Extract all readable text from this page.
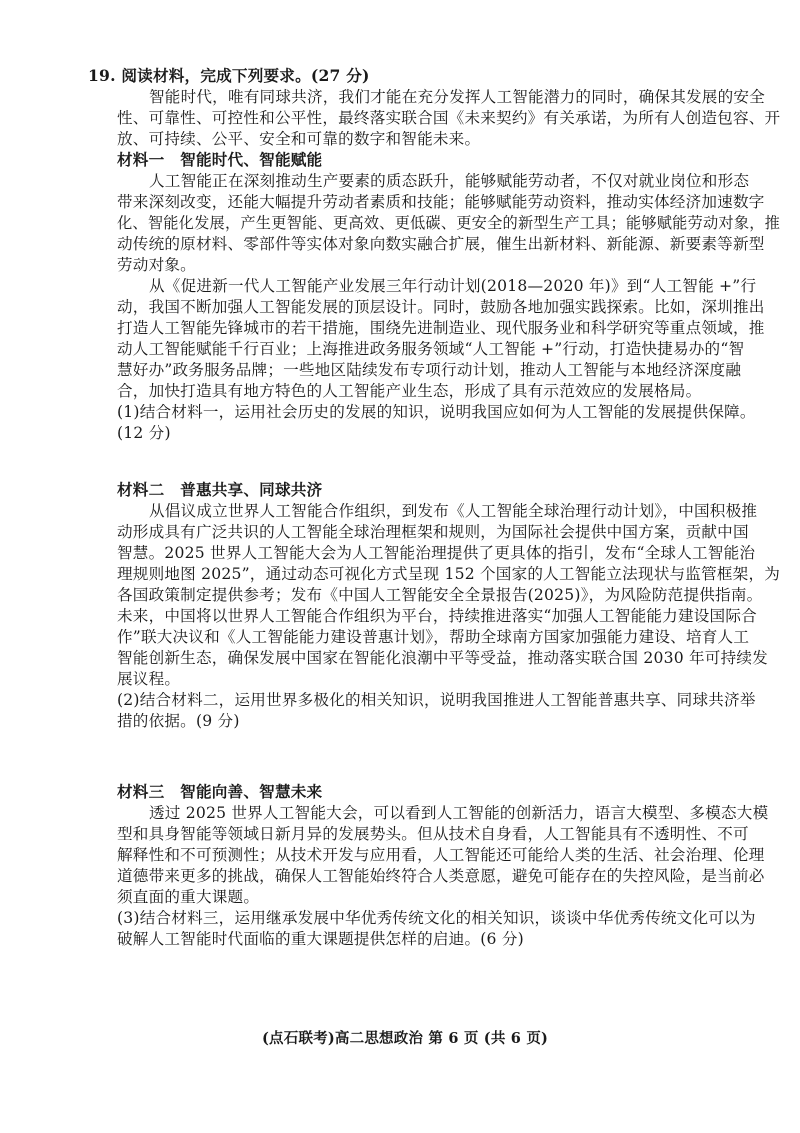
19. 阅读材料，完成下列要求。(27 分)
智能时代，唯有同球共济，我们才能在充分发挥人工智能潜力的同时，确保其发展的安全
性、可靠性、可控性和公平性，最终落实联合国《未来契约》有关承诺，为所有人创造包容、开
放、可持续、公平、安全和可靠的数字和智能未来。
材料一　智能时代、智能赋能
人工智能正在深刻推动生产要素的质态跃升，能够赋能劳动者，不仅对就业岗位和形态
带来深刻改变，还能大幅提升劳动者素质和技能；能够赋能劳动资料，推动实体经济加速数字
化、智能化发展，产生更智能、更高效、更低碳、更安全的新型生产工具；能够赋能劳动对象，推
动传统的原材料、零部件等实体对象向数实融合扩展，催生出新材料、新能源、新要素等新型
劳动对象。
从《促进新一代人工智能产业发展三年行动计划(2018—2020 年)》到“人工智能 +”行
动，我国不断加强人工智能发展的顶层设计。同时，鼓励各地加强实践探索。比如，深圳推出
打造人工智能先锋城市的若干措施，围绕先进制造业、现代服务业和科学研究等重点领域，推
动人工智能赋能千行百业；上海推进政务服务领域“人工智能 +”行动，打造快捷易办的“智
慧好办”政务服务品牌；一些地区陆续发布专项行动计划，推动人工智能与本地经济深度融
合，加快打造具有地方特色的人工智能产业生态，形成了具有示范效应的发展格局。
(1)结合材料一，运用社会历史的发展的知识，说明我国应如何为人工智能的发展提供保障。
(12 分)
材料二　普惠共享、同球共济
从倡议成立世界人工智能合作组织，到发布《人工智能全球治理行动计划》，中国积极推
动形成具有广泛共识的人工智能全球治理框架和规则，为国际社会提供中国方案，贡献中国
智慧。2025 世界人工智能大会为人工智能治理提供了更具体的指引，发布“全球人工智能治
理规则地图 2025”，通过动态可视化方式呈现 152 个国家的人工智能立法现状与监管框架，为
各国政策制定提供参考；发布《中国人工智能安全全景报告(2025)》，为风险防范提供指南。
未来，中国将以世界人工智能合作组织为平台，持续推进落实“加强人工智能能力建设国际合
作”联大决议和《人工智能能力建设普惠计划》，帮助全球南方国家加强能力建设、培育人工
智能创新生态，确保发展中国家在智能化浪潮中平等受益，推动落实联合国 2030 年可持续发
展议程。
(2)结合材料二，运用世界多极化的相关知识，说明我国推进人工智能普惠共享、同球共济举
措的依据。(9 分)
材料三　智能向善、智慧未来
透过 2025 世界人工智能大会，可以看到人工智能的创新活力，语言大模型、多模态大模
型和具身智能等领域日新月异的发展势头。但从技术自身看，人工智能具有不透明性、不可
解释性和不可预测性；从技术开发与应用看，人工智能还可能给人类的生活、社会治理、伦理
道德带来更多的挑战，确保人工智能始终符合人类意愿，避免可能存在的失控风险，是当前必
须直面的重大课题。
(3)结合材料三，运用继承发展中华优秀传统文化的相关知识，谈谈中华优秀传统文化可以为
破解人工智能时代面临的重大课题提供怎样的启迪。(6 分)
(点石联考)高二思想政治 第 6 页 (共 6 页)
